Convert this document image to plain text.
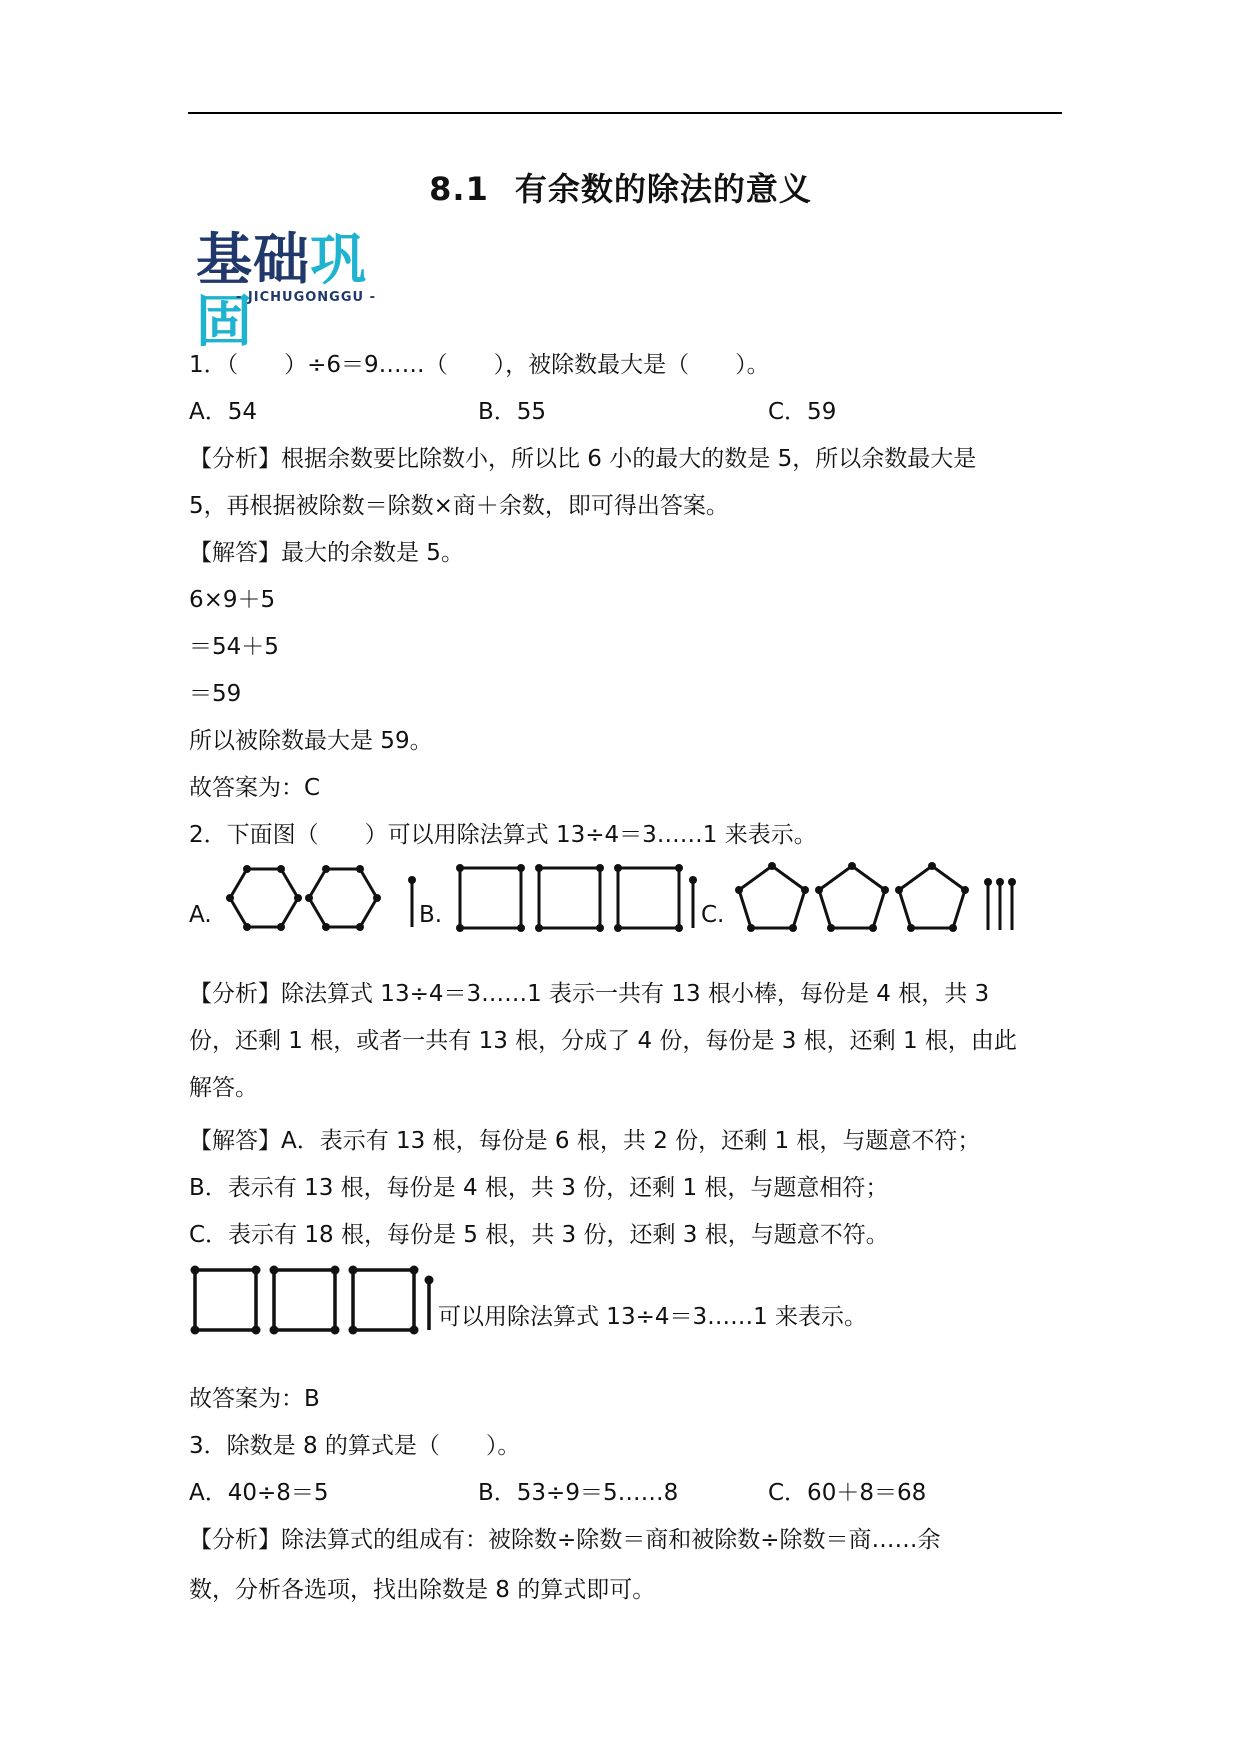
8.1 有余数的除法的意义
基础巩固
- JICHUGONGGU -
1．（　　）÷6＝9……（　　），被除数最大是（　　）。
A．54	B．55	C．59
【分析】根据余数要比除数小，所以比 6 小的最大的数是 5，所以余数最大是
5，再根据被除数＝除数×商＋余数，即可得出答案。
【解答】最大的余数是 5。
6×9＋5
＝54＋5
＝59
所以被除数最大是 59。
故答案为：C
2．下面图（　　）可以用除法算式 13÷4＝3……1 来表示。
A.	B.	C.
【分析】除法算式 13÷4＝3……1 表示一共有 13 根小棒，每份是 4 根，共 3
份，还剩 1 根，或者一共有 13 根，分成了 4 份，每份是 3 根，还剩 1 根，由此
解答。
【解答】A．表示有 13 根，每份是 6 根，共 2 份，还剩 1 根，与题意不符；
B．表示有 13 根，每份是 4 根，共 3 份，还剩 1 根，与题意相符；
C．表示有 18 根，每份是 5 根，共 3 份，还剩 3 根，与题意不符。
可以用除法算式 13÷4＝3……1 来表示。
故答案为：B
3．除数是 8 的算式是（　　）。
A．40÷8＝5	B．53÷9＝5……8	C．60＋8＝68
【分析】除法算式的组成有：被除数÷除数＝商和被除数÷除数＝商……余
数，分析各选项，找出除数是 8 的算式即可。
